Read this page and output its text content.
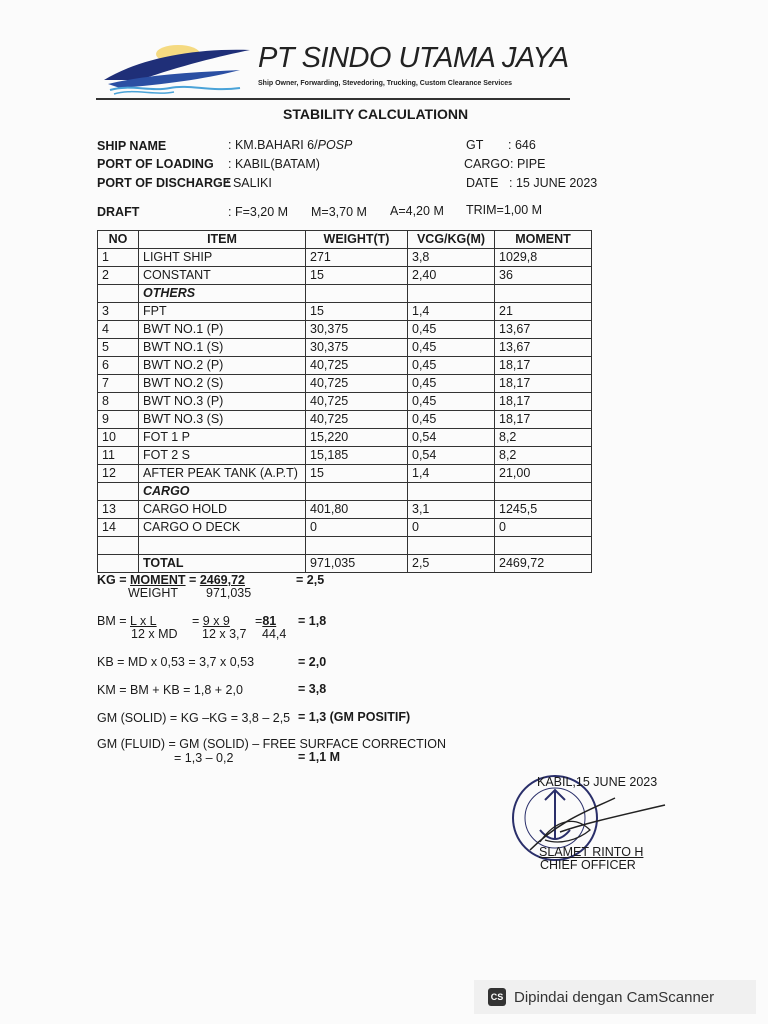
PT SINDO UTAMA JAYA
Ship Owner, Forwarding, Stevedoring, Trucking, Custom Clearance Services
STABILITY CALCULATIONN
SHIP NAME	: KM.BAHARI 6/POSP
PORT OF LOADING : KABIL(BATAM)
PORT OF DISCHARGE
: SALIKI
GT : 646
CARGO : PIPE
DATE : 15 JUNE 2023
DRAFT	: F=3,20 M M=3,70 M A=4,20 M TRIM=1,00 M
NO	ITEM	WEIGHT(T)	VCG/KG(M)	MOMENT
1	LIGHT SHIP	271	3,8	1029,8
2	CONSTANT	15	2,40	36
	OTHERS			
3	FPT	15	1,4	21
4	BWT NO.1 (P)	30,375	0,45	13,67
5	BWT NO.1 (S)	30,375	0,45	13,67
6	BWT NO.2 (P)	40,725	0,45	18,17
7	BWT NO.2 (S)	40,725	0,45	18,17
8	BWT NO.3 (P)	40,725	0,45	18,17
9	BWT NO.3 (S)	40,725	0,45	18,17
10	FOT 1 P	15,220	0,54	8,2
11	FOT 2 S	15,185	0,54	8,2
12	AFTER PEAK TANK (A.P.T)	15	1,4	21,00
	CARGO			
13	CARGO HOLD	401,80	3,1	1245,5
14	CARGO O DECK	0	0	0

	TOTAL	971,035	2,5	2469,72
KG = MOMENT = 2469,72	= 2,5
WEIGHT 971,035
BM = L x L	= 9 x 9 =81 = 1,8
12 x MD 12 x 3,7 44,4
KB = MD x 0,53 = 3,7 x 0,53	= 2,0
KM = BM + KB = 1,8 + 2,0	= 3,8
GM (SOLID) = KG –KG = 3,8 – 2,5 = 1,3 (GM POSITIF)
GM (FLUID) = GM (SOLID) – FREE SURFACE CORRECTION
= 1,3 – 0,2	= 1,1 M
KABIL,15 JUNE 2023
SLAMET RINTO H
CHIEF OFFICER
CS Dipindai dengan CamScanner
